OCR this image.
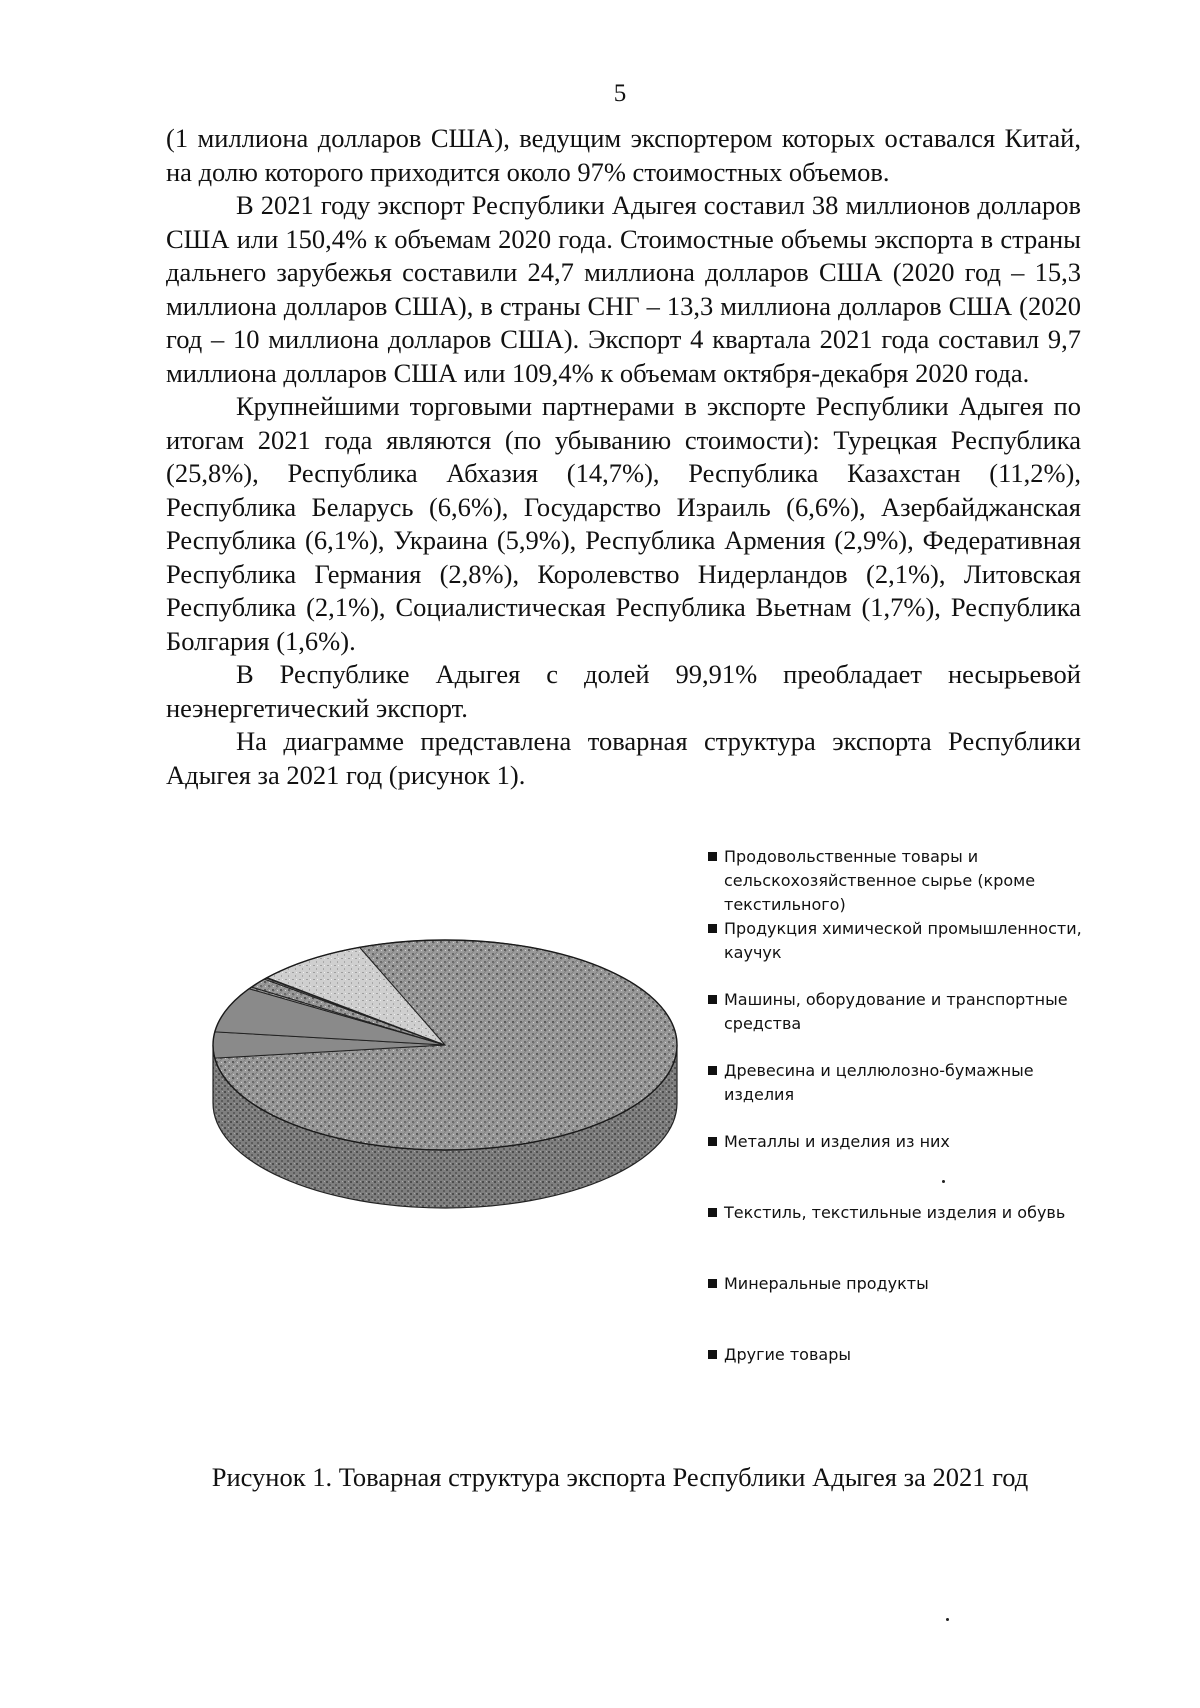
5

(1 миллиона долларов США), ведущим экспортером которых оставался Китай, на долю которого приходится около 97% стоимостных объемов.

В 2021 году экспорт Республики Адыгея составил 38 миллионов долларов США или 150,4% к объемам 2020 года. Стоимостные объемы экспорта в страны дальнего зарубежья составили 24,7 миллиона долларов США (2020 год – 15,3 миллиона долларов США), в страны СНГ – 13,3 миллиона долларов США (2020 год – 10 миллиона долларов США). Экспорт 4 квартала 2021 года составил 9,7 миллиона долларов США или 109,4% к объемам октября-декабря 2020 года.

Крупнейшими торговыми партнерами в экспорте Республики Адыгея по итогам 2021 года являются (по убыванию стоимости): Турецкая Республика (25,8%), Республика Абхазия (14,7%), Республика Казахстан (11,2%), Республика Беларусь (6,6%), Государство Израиль (6,6%), Азербайджанская Республика (6,1%), Украина (5,9%), Республика Армения (2,9%), Федеративная Республика Германия (2,8%), Королевство Нидерландов (2,1%), Литовская Республика (2,1%), Социалистическая Республика Вьетнам (1,7%), Республика Болгария (1,6%).

В Республике Адыгея с долей 99,91% преобладает несырьевой неэнергетический экспорт.

На диаграмме представлена товарная структура экспорта Республики Адыгея за 2021 год (рисунок 1).

Продовольственные товары и сельскохозяйственное сырье (кроме текстильного)
Продукция химической промышленности, каучук
Машины, оборудование и транспортные средства
Древесина и целлюлозно-бумажные изделия
Металлы и изделия из них
Текстиль, текстильные изделия и обувь
Минеральные продукты
Другие товары
Рисунок 1. Товарная структура экспорта Республики Адыгея за 2021 год
